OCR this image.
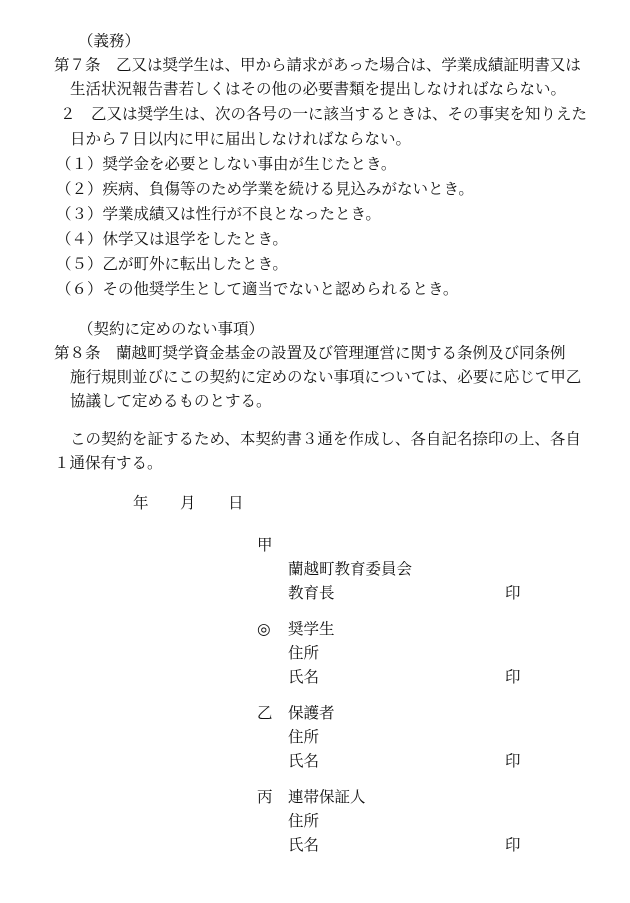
（義務）
第７条　乙又は奨学生は、甲から請求があった場合は、学業成績証明書又は
生活状況報告書若しくはその他の必要書類を提出しなければならない。
２　乙又は奨学生は、次の各号の一に該当するときは、その事実を知りえた
日から７日以内に甲に届出しなければならない。
（１）奨学金を必要としない事由が生じたとき。
（２）疾病、負傷等のため学業を続ける見込みがないとき。
（３）学業成績又は性行が不良となったとき。
（４）休学又は退学をしたとき。
（５）乙が町外に転出したとき。
（６）その他奨学生として適当でないと認められるとき。
（契約に定めのない事項）
第８条　蘭越町奨学資金基金の設置及び管理運営に関する条例及び同条例
施行規則並びにこの契約に定めのない事項については、必要に応じて甲乙
協議して定めるものとする。
この契約を証するため、本契約書３通を作成し、各自記名捺印の上、各自
１通保有する。
年 月 日
甲
蘭越町教育委員会
教育長	印
◎ 奨学生
住所
氏名	印
乙 保護者
住所
氏名	印
丙 連帯保証人
住所
氏名	印
